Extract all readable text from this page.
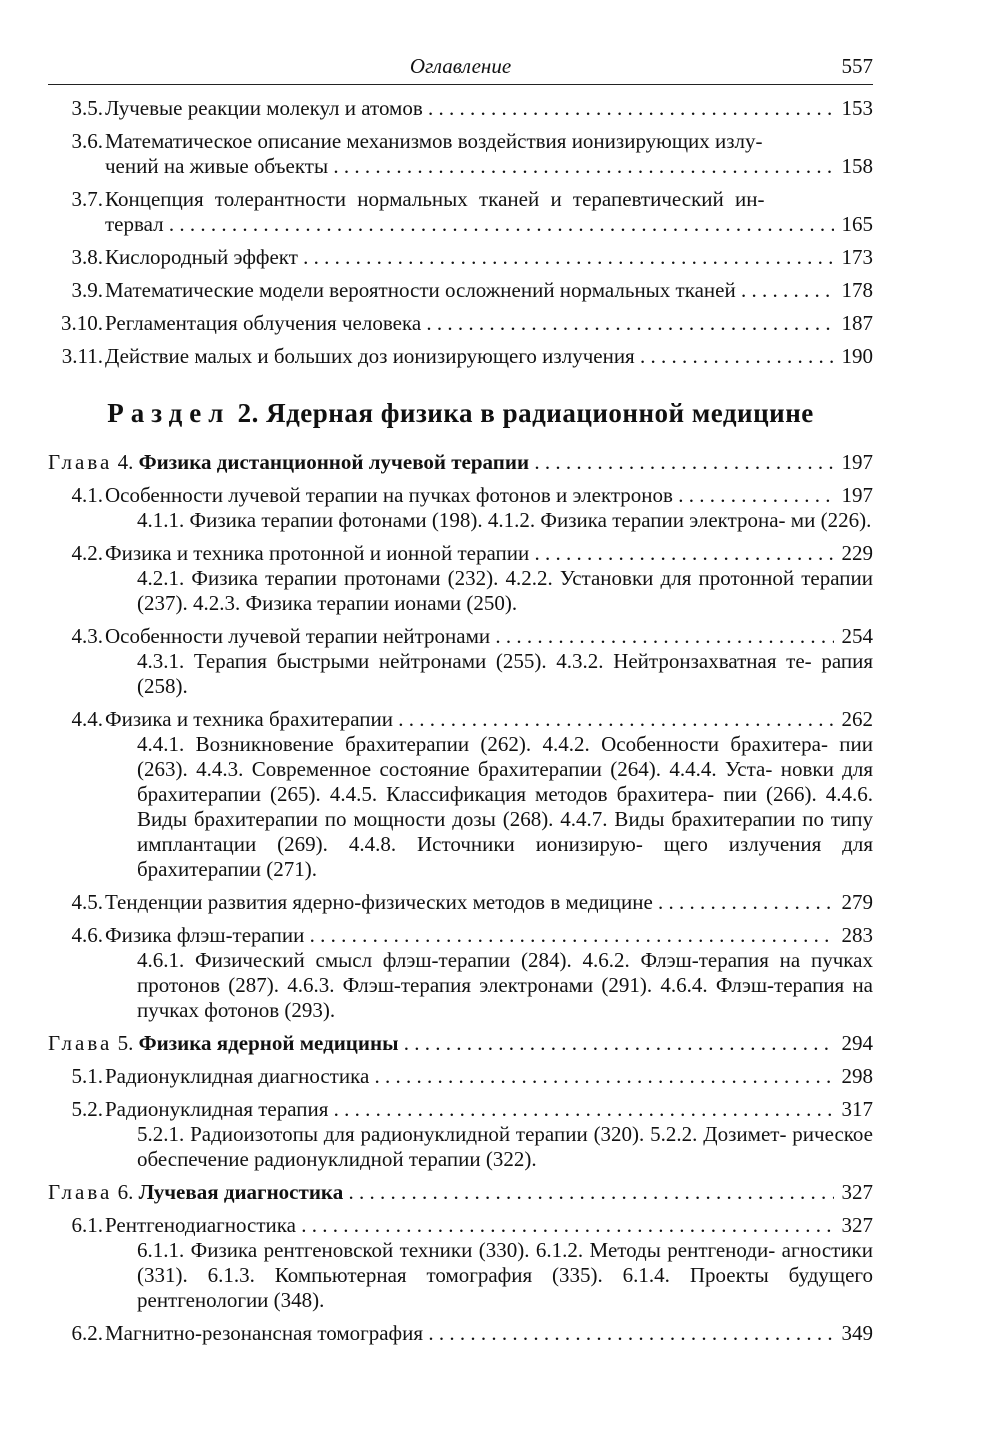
Оглавление	557
3.5. Лучевые реакции молекул и атомов . . .	153
3.6. Математическое описание механизмов воздействия ионизирующих излу-
чений на живые объекты . . .	158
3.7. Концепция толерантности нормальных тканей и терапевтический ин-
тервал . . .	165
3.8. Кислородный эффект . . .	173
3.9. Математические модели вероятности осложнений нормальных тканей . . .	178
3.10. Регламентация облучения человека . . .	187
3.11. Действие малых и больших доз ионизирующего излучения . . .	190
Раздел 2. Ядерная физика в радиационной медицине
Глава 4. Физика дистанционной лучевой терапии . . .	197
4.1. Особенности лучевой терапии на пучках фотонов и электронов . . .	197
4.1.1. Физика терапии фотонами (198). 4.1.2. Физика терапии электрона- ми (226).
4.2. Физика и техника протонной и ионной терапии . . .	229
4.2.1. Физика терапии протонами (232). 4.2.2. Установки для протонной терапии (237). 4.2.3. Физика терапии ионами (250).
4.3. Особенности лучевой терапии нейтронами . . .	254
4.3.1. Терапия быстрыми нейтронами (255). 4.3.2. Нейтронзахватная те- рапия (258).
4.4. Физика и техника брахитерапии . . .	262
4.4.1. Возникновение брахитерапии (262). 4.4.2. Особенности брахитера- пии (263). 4.4.3. Современное состояние брахитерапии (264). 4.4.4. Уста- новки для брахитерапии (265). 4.4.5. Классификация методов брахитера- пии (266). 4.4.6. Виды брахитерапии по мощности дозы (268). 4.4.7. Виды брахитерапии по типу имплантации (269). 4.4.8. Источники ионизирую- щего излучения для брахитерапии (271).
4.5. Тенденции развития ядерно-физических методов в медицине . . .	279
4.6. Физика флэш-терапии . . .	283
4.6.1. Физический смысл флэш-терапии (284). 4.6.2. Флэш-терапия на пучках протонов (287). 4.6.3. Флэш-терапия электронами (291). 4.6.4. Флэш-терапия на пучках фотонов (293).
Глава 5. Физика ядерной медицины . . .	294
5.1. Радионуклидная диагностика . . .	298
5.2. Радионуклидная терапия . . .	317
5.2.1. Радиоизотопы для радионуклидной терапии (320). 5.2.2. Дозимет- рическое обеспечение радионуклидной терапии (322).
Глава 6. Лучевая диагностика . . .	327
6.1. Рентгенодиагностика . . .	327
6.1.1. Физика рентгеновской техники (330). 6.1.2. Методы рентгеноди- агностики (331). 6.1.3. Компьютерная томография (335). 6.1.4. Проекты будущего рентгенологии (348).
6.2. Магнитно-резонансная томография . . .	349
